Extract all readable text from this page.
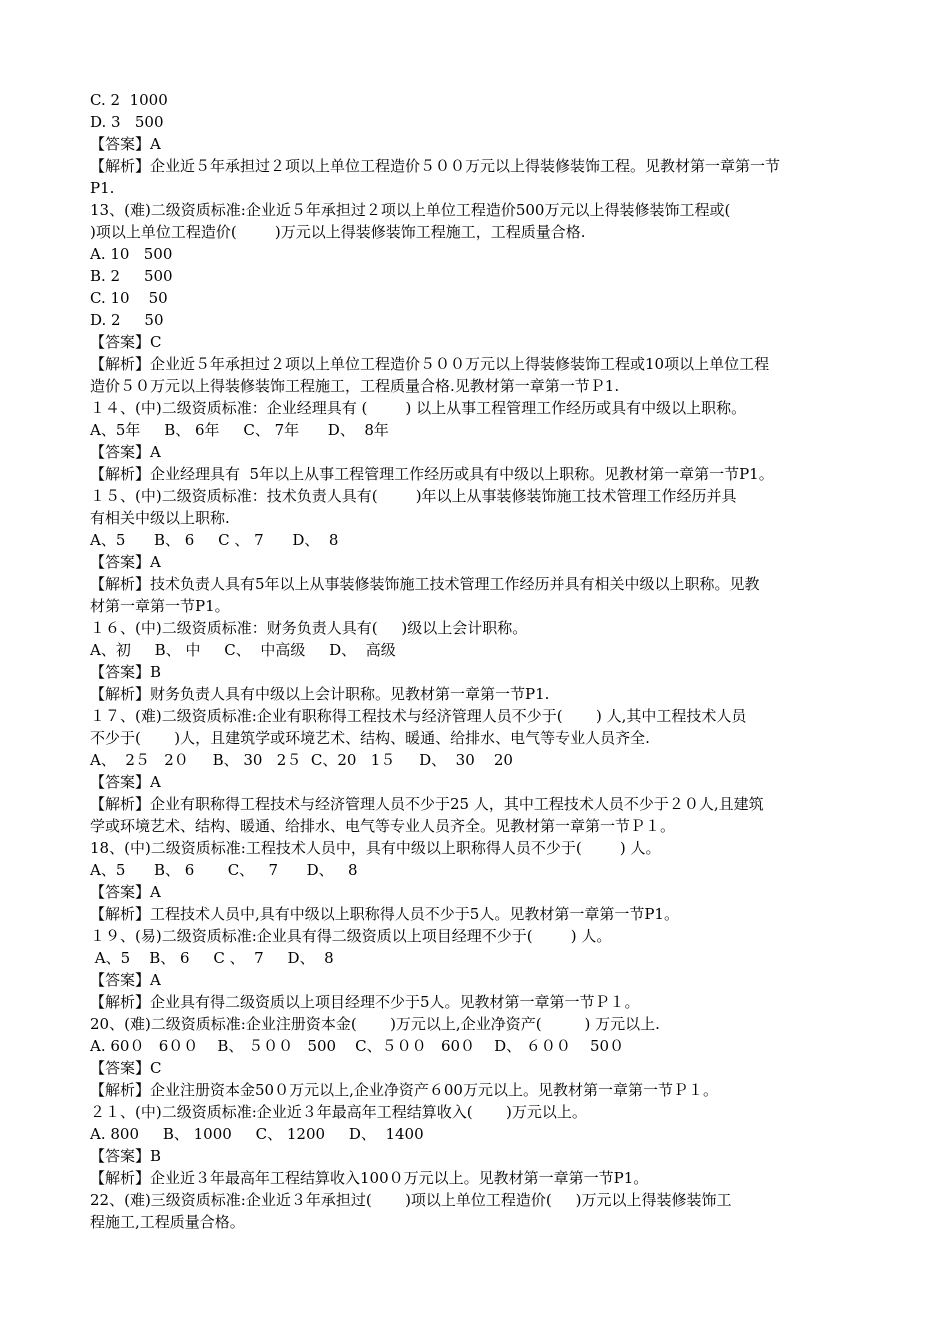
C. 2  1000
D. 3   500
【答案】A
【解析】企业近５年承担过２项以上单位工程造价５００万元以上得装修装饰工程。见教材第一章第一节
P1.
13、(难)二级资质标准:企业近５年承担过２项以上单位工程造价500万元以上得装修装饰工程或(
)项以上单位工程造价(        )万元以上得装修装饰工程施工，工程质量合格.
A. 10   500
B. 2     500
C. 10    50
D. 2     50
【答案】C
【解析】企业近５年承担过２项以上单位工程造价５００万元以上得装修装饰工程或10项以上单位工程
造价５０万元以上得装修装饰工程施工，工程质量合格.见教材第一章第一节Ｐ1.
１４、(中)二级资质标准：企业经理具有 (        ) 以上从事工程管理工作经历或具有中级以上职称。
A、5年     B、 6年     C、 7年      D、  8年
【答案】A
【解析】企业经理具有  5年以上从事工程管理工作经历或具有中级以上职称。见教材第一章第一节P1。
１５、(中)二级资质标准：技术负责人具有(        )年以上从事装修装饰施工技术管理工作经历并具
有相关中级以上职称.
A、5      B、 6     C 、 7      D、  8
【答案】A
【解析】技术负责人具有5年以上从事装修装饰施工技术管理工作经历并具有相关中级以上职称。见教
材第一章第一节P1。
１６、(中)二级资质标准：财务负责人具有(     )级以上会计职称。
A、初     B、 中     C、  中高级     D、  高级
【答案】B
【解析】财务负责人具有中级以上会计职称。见教材第一章第一节P1.
１７、(难)二级资质标准:企业有职称得工程技术与经济管理人员不少于(       ) 人,其中工程技术人员
不少于(       )人，且建筑学或环境艺术、结构、暖通、给排水、电气等专业人员齐全.
A、  2５   2０     B、 30   2５  C、20   1５     D、  30    20
【答案】A
【解析】企业有职称得工程技术与经济管理人员不少于25 人，其中工程技术人员不少于２０人,且建筑
学或环境艺术、结构、暖通、给排水、电气等专业人员齐全。见教材第一章第一节Ｐ１。
18、(中)二级资质标准:工程技术人员中，具有中级以上职称得人员不少于(        ) 人。
A、5      B、 6       C、   7      D、   8
【答案】A
【解析】工程技术人员中,具有中级以上职称得人员不少于5人。见教材第一章第一节P1。
１９、(易)二级资质标准:企业具有得二级资质以上项目经理不少于(        ) 人。
A、5    B、 6     C 、  7     D、  8
【答案】A
【解析】企业具有得二级资质以上项目经理不少于5人。见教材第一章第一节Ｐ１。
20、(难)二级资质标准:企业注册资本金(       )万元以上,企业净资产(         ) 万元以上.
A. 60０   6００    B、 ５００   500    C、５００   60０    D、 ６００    50０
【答案】C
【解析】企业注册资本金50０万元以上,企业净资产６00万元以上。见教材第一章第一节Ｐ１。
２１、(中)二级资质标准:企业近３年最高年工程结算收入(       )万元以上。
A. 800     B、 1000     C、 1200     D、  1400
【答案】B
【解析】企业近３年最高年工程结算收入100０万元以上。见教材第一章第一节P1。
22、(难)三级资质标准:企业近３年承担过(       )项以上单位工程造价(     )万元以上得装修装饰工
程施工,工程质量合格。
